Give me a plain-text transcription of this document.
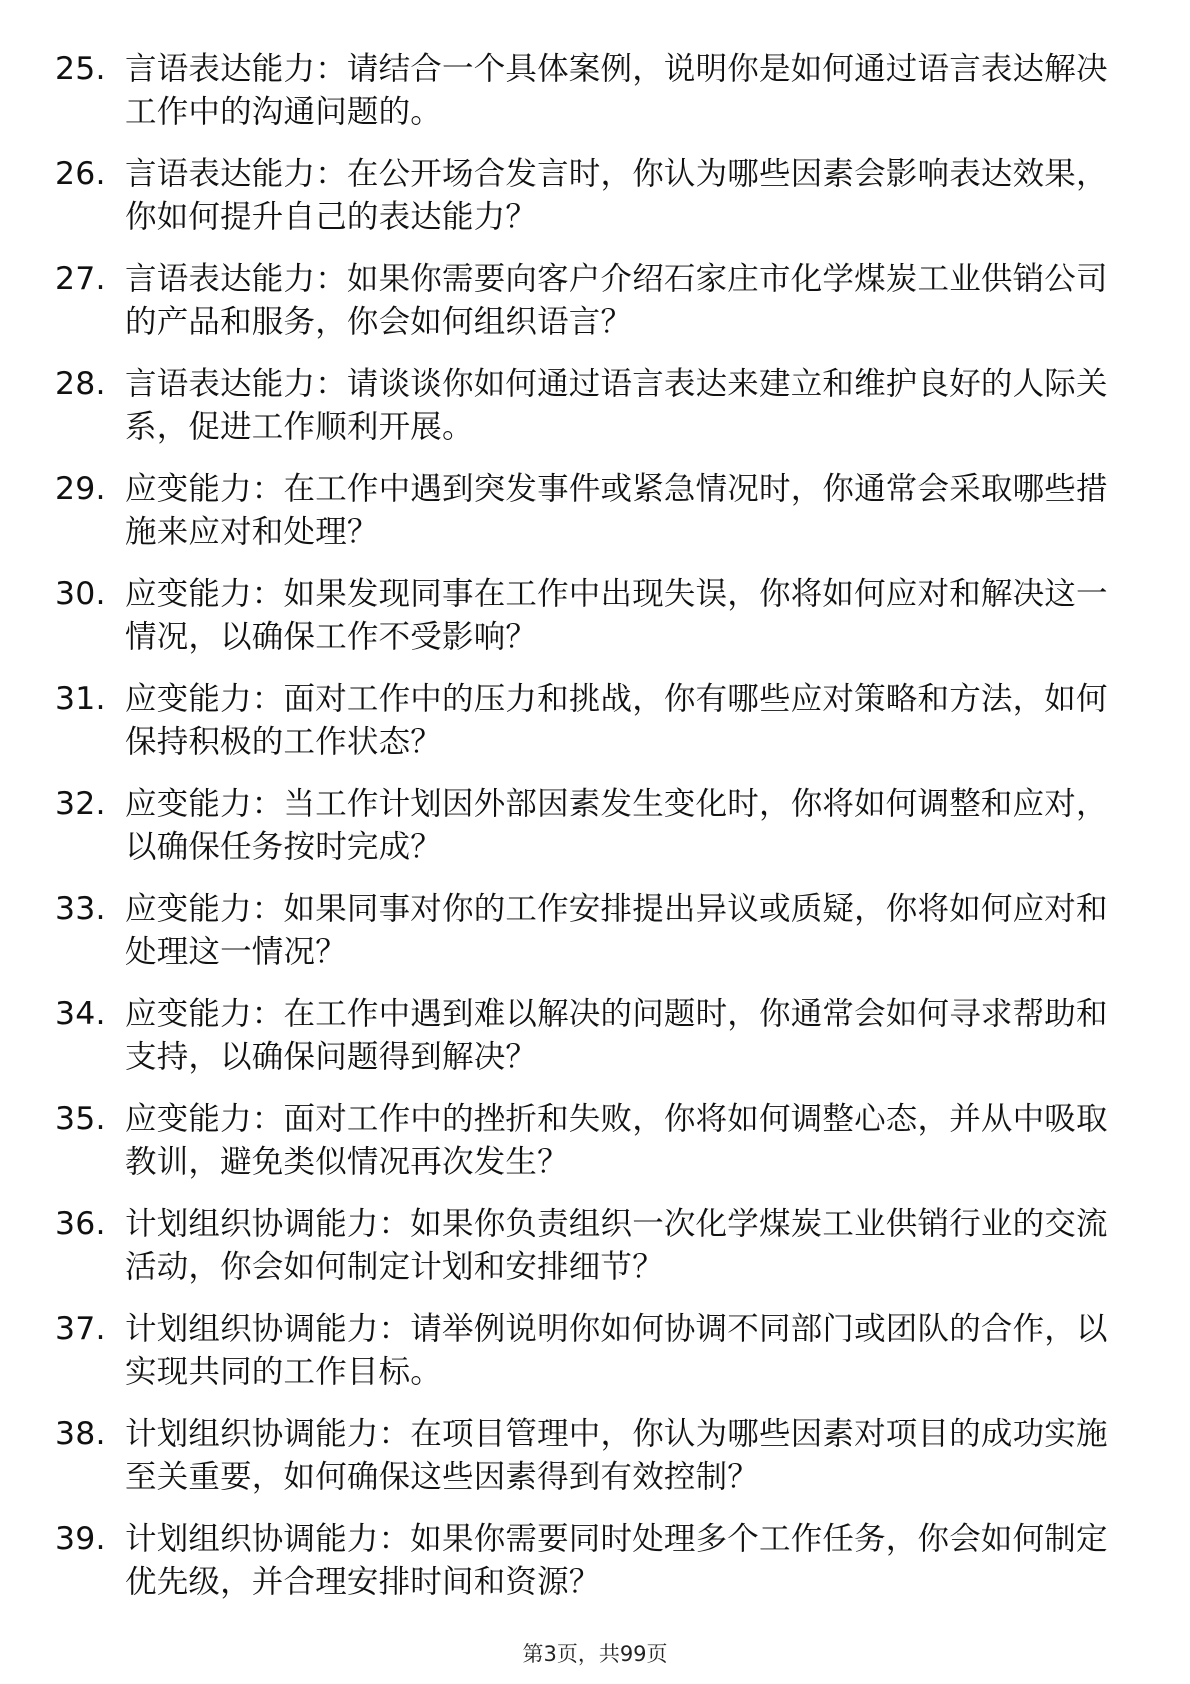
25. 言语表达能力：请结合一个具体案例，说明你是如何通过语言表达解决工作中的沟通问题的。
26. 言语表达能力：在公开场合发言时，你认为哪些因素会影响表达效果，你如何提升自己的表达能力？
27. 言语表达能力：如果你需要向客户介绍石家庄市化学煤炭工业供销公司的产品和服务，你会如何组织语言？
28. 言语表达能力：请谈谈你如何通过语言表达来建立和维护良好的人际关系，促进工作顺利开展。
29. 应变能力：在工作中遇到突发事件或紧急情况时，你通常会采取哪些措施来应对和处理？
30. 应变能力：如果发现同事在工作中出现失误，你将如何应对和解决这一情况，以确保工作不受影响？
31. 应变能力：面对工作中的压力和挑战，你有哪些应对策略和方法，如何保持积极的工作状态？
32. 应变能力：当工作计划因外部因素发生变化时，你将如何调整和应对，以确保任务按时完成？
33. 应变能力：如果同事对你的工作安排提出异议或质疑，你将如何应对和处理这一情况？
34. 应变能力：在工作中遇到难以解决的问题时，你通常会如何寻求帮助和支持，以确保问题得到解决？
35. 应变能力：面对工作中的挫折和失败，你将如何调整心态，并从中吸取教训，避免类似情况再次发生？
36. 计划组织协调能力：如果你负责组织一次化学煤炭工业供销行业的交流活动，你会如何制定计划和安排细节？
37. 计划组织协调能力：请举例说明你如何协调不同部门或团队的合作，以实现共同的工作目标。
38. 计划组织协调能力：在项目管理中，你认为哪些因素对项目的成功实施至关重要，如何确保这些因素得到有效控制？
39. 计划组织协调能力：如果你需要同时处理多个工作任务，你会如何制定优先级，并合理安排时间和资源？
第3页，共99页
